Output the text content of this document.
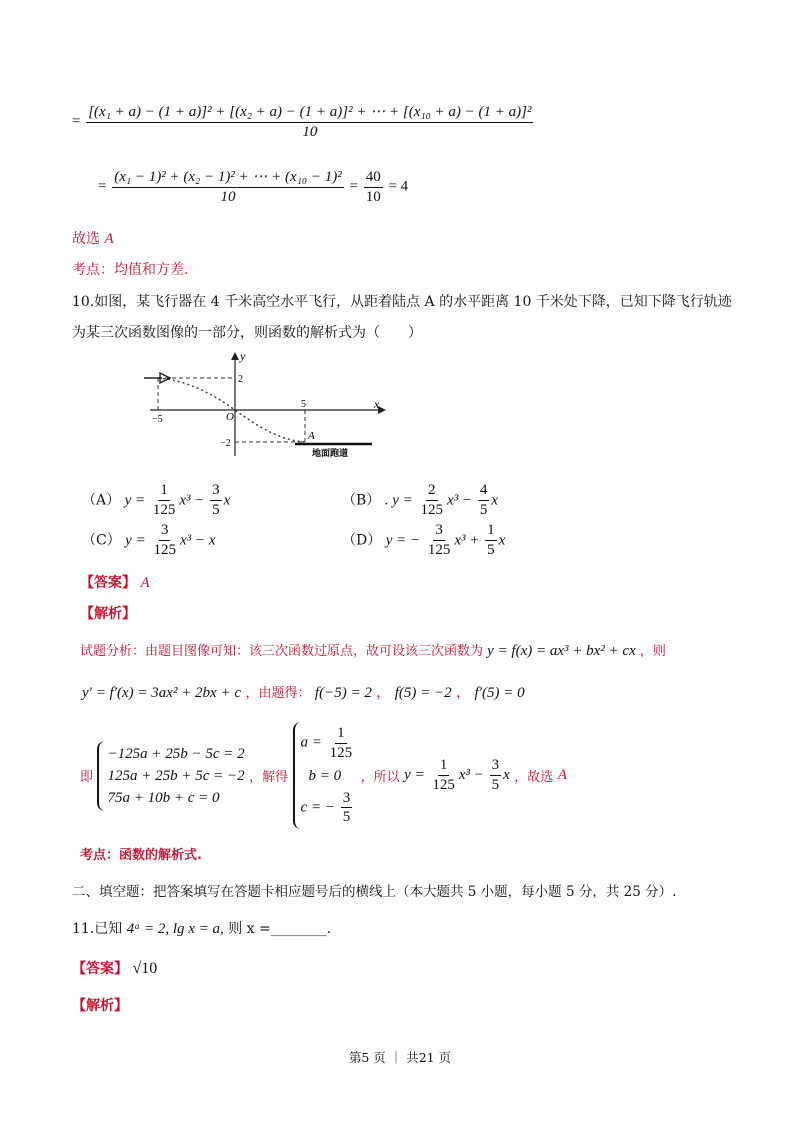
=
[(x₁ + a) − (1 + a)]² + [(x₂ + a) − (1 + a)]² + ⋯ + [(x₁₀ + a) − (1 + a)]²
10
= $\frac{\text{(x₁ − 1)² + (x₂ − 1)² + ⋯ + (x₁₀ − 1)²}}{10} = \frac{40}{10} = 4$
故选 A
考点：均值和方差.
10.如图，某飞行器在 4 千米高空水平飞行，从距着陆点 A 的水平距离 10 千米处下降，已知下降飞行轨迹
为某三次函数图像的一部分，则函数的解析式为（　　）
y
x
O
2
−2
−5
5
A
地面跑道
（A） $y = \frac{1}{125} x^3 - \frac{3}{5}$ x	（B） . $y = \frac{2}{125} x^3 - \frac{4}{5}$ x
（C） $y = \frac{3}{125} x^3 - x$	（D） y = − $\frac{3}{125} x^3 + \frac{1}{5}$ x
【答案】 A
【解析】
试题分析：由题目图像可知：该三次函数过原点，故可设该三次函数为 y = f(x) = ax³ + bx² + cx ，则
y′ = f′(x) = 3ax² + 2bx + c ，由题得： f(−5) = 2 ， f(5) = −2 ， f′(5) = 0
即
−125a + 25b − 5c = 2
125a + 25b + 5c = −2
75a + 10b + c = 0
，解得
$a = \frac{1}{125}$
b = 0
c = − $\frac{3}{5}$
，所以 $y = \frac{1}{125} x^3 - \frac{3}{5}$ x ，故选 A
考点：函数的解析式.
二、填空题：把答案填写在答题卡相应题号后的横线上（本大题共 5 小题，每小题 5 分，共 25 分）.
11.已知 4ᵃ = 2, lg x = a, 则 x =________.
【答案】 √10
【解析】
第5 页 ｜ 共21 页
